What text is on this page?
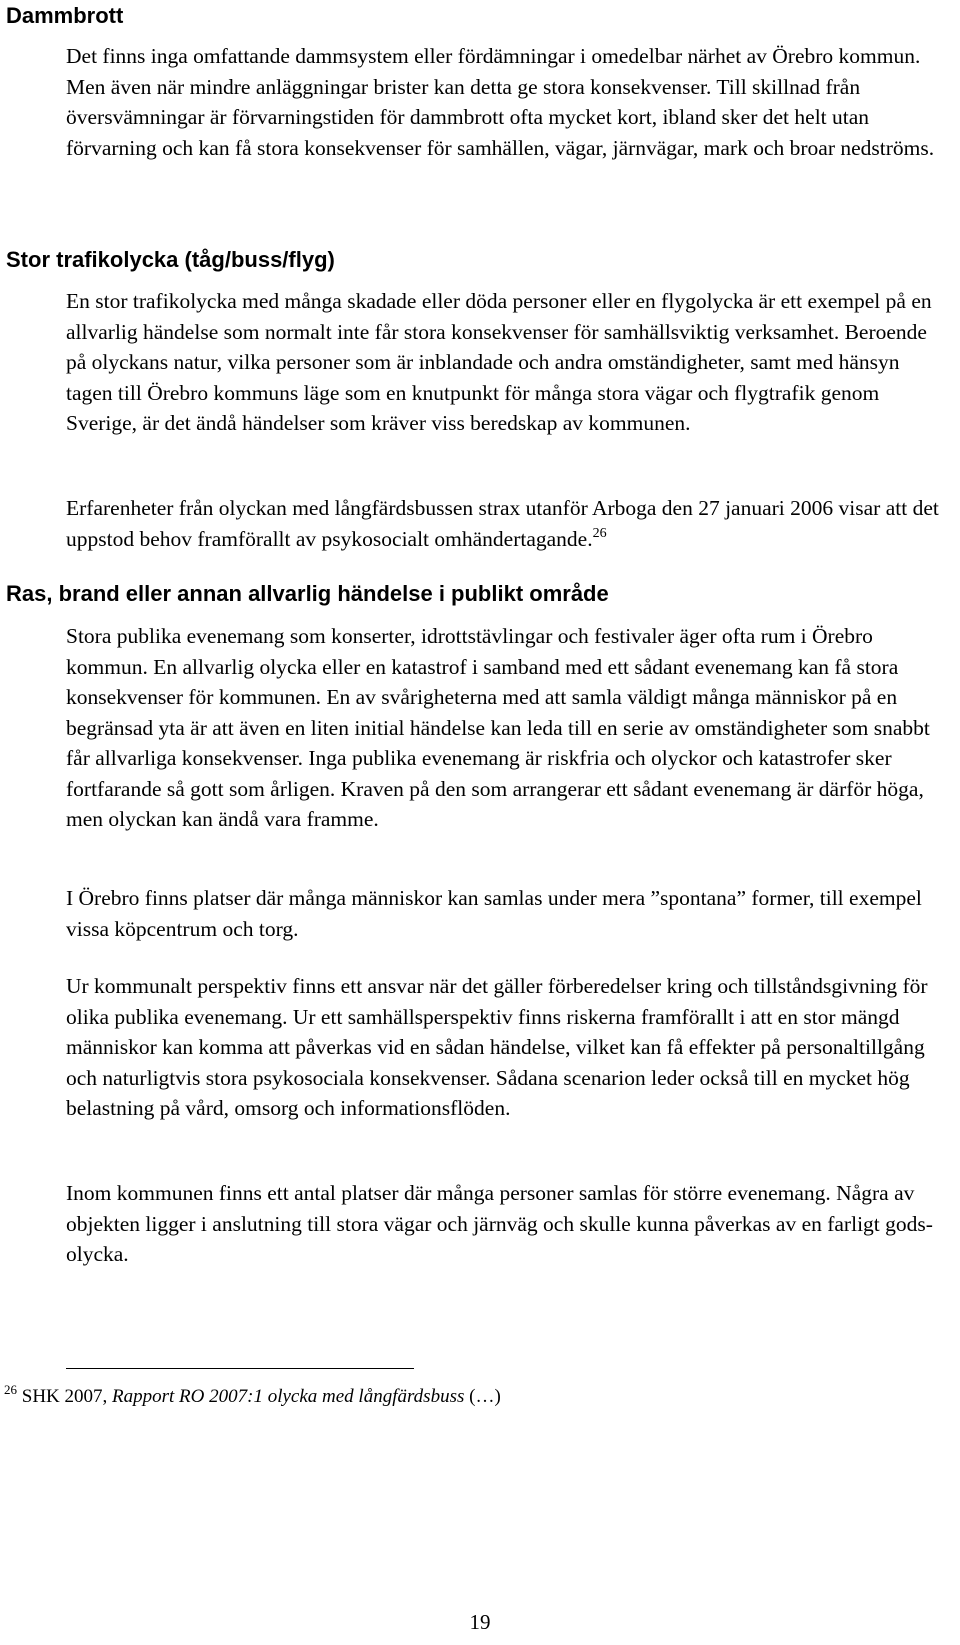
Dammbrott

Det finns inga omfattande dammsystem eller fördämningar i omedelbar närhet av Örebro kommun. Men även när mindre anläggningar brister kan detta ge stora konsekvenser. Till skillnad från översvämningar är förvarningstiden för dammbrott ofta mycket kort, ibland sker det helt utan förvarning och kan få stora konsekvenser för samhällen, vägar, järnvägar, mark och broar nedströms.

Stor trafikolycka (tåg/buss/flyg)

En stor trafikolycka med många skadade eller döda personer eller en flygolycka är ett exempel på en allvarlig händelse som normalt inte får stora konsekvenser för samhällsviktig verksamhet. Beroende på olyckans natur, vilka personer som är inblandade och andra omständigheter, samt med hänsyn tagen till Örebro kommuns läge som en knutpunkt för många stora vägar och flygtrafik genom Sverige, är det ändå händelser som kräver viss beredskap av kommunen.

Erfarenheter från olyckan med långfärdsbussen strax utanför Arboga den 27 januari 2006 visar att det uppstod behov framförallt av psykosocialt omhändertagande.$^{26}$

Ras, brand eller annan allvarlig händelse i publikt område

Stora publika evenemang som konserter, idrottstävlingar och festivaler äger ofta rum i Örebro kommun. En allvarlig olycka eller en katastrof i samband med ett sådant evenemang kan få stora konsekvenser för kommunen. En av svårigheterna med att samla väldigt många människor på en begränsad yta är att även en liten initial händelse kan leda till en serie av omständigheter som snabbt får allvarliga konsekvenser. Inga publika evenemang är riskfria och olyckor och katastrofer sker fortfarande så gott som årligen. Kraven på den som arrangerar ett sådant evenemang är därför höga, men olyckan kan ändå vara framme.

I Örebro finns platser där många människor kan samlas under mera ”spontana” former, till exempel vissa köpcentrum och torg.

Ur kommunalt perspektiv finns ett ansvar när det gäller förberedelser kring och tillståndsgivning för olika publika evenemang. Ur ett samhällsperspektiv finns riskerna framförallt i att en stor mängd människor kan komma att påverkas vid en sådan händelse, vilket kan få effekter på personaltillgång och naturligtvis stora psykosociala konsekvenser. Sådana scenarion leder också till en mycket hög belastning på vård, omsorg och informationsflöden.

Inom kommunen finns ett antal platser där många personer samlas för större evenemang. Några av objekten ligger i anslutning till stora vägar och järnväg och skulle kunna påverkas av en farligt gods-olycka.

$^{26}$ SHK 2007, Rapport RO 2007:1 olycka med långfärdsbuss (…)

19
